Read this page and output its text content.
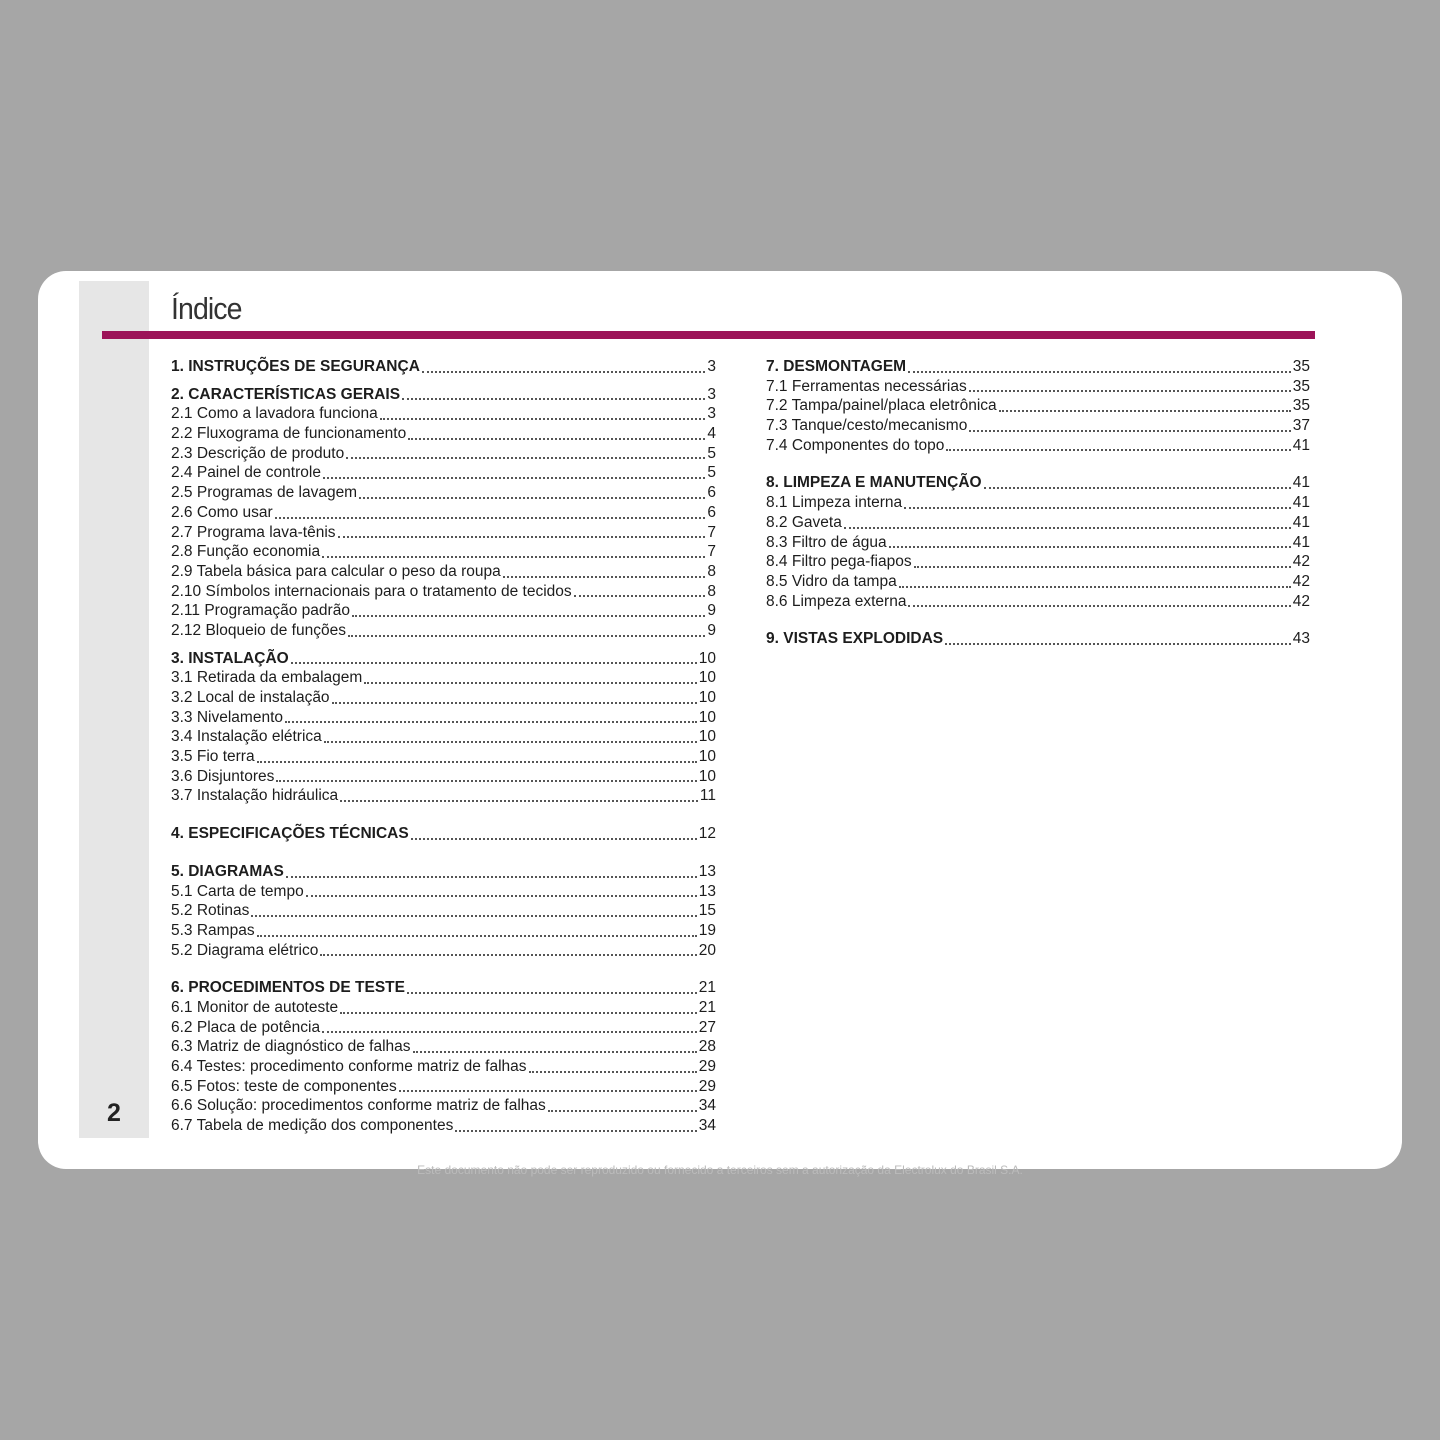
2
Índice
1. INSTRUÇÕES DE SEGURANÇA	3
2. CARACTERÍSTICAS GERAIS	3
2.1 Como a lavadora funciona	3
2.2 Fluxograma de funcionamento	4
2.3 Descrição de produto	5
2.4 Painel de controle	5
2.5 Programas de lavagem	6
2.6 Como usar	6
2.7 Programa lava-tênis	7
2.8 Função economia	7
2.9 Tabela básica para calcular o peso da roupa	8
2.10 Símbolos internacionais para o tratamento de tecidos	8
2.11 Programação padrão	9
2.12 Bloqueio de funções	9
3. INSTALAÇÃO	10
3.1 Retirada da embalagem	10
3.2 Local de instalação	10
3.3 Nivelamento	10
3.4 Instalação elétrica	10
3.5 Fio terra	10
3.6 Disjuntores	10
3.7 Instalação hidráulica	11
4. ESPECIFICAÇÕES TÉCNICAS	12
5. DIAGRAMAS	13
5.1 Carta de tempo	13
5.2 Rotinas	15
5.3 Rampas	19
5.2 Diagrama elétrico	20
6. PROCEDIMENTOS DE TESTE	21
6.1 Monitor de autoteste	21
6.2 Placa de potência	27
6.3 Matriz de diagnóstico de falhas	28
6.4 Testes: procedimento conforme matriz de falhas	29
6.5 Fotos: teste de componentes	29
6.6 Solução: procedimentos conforme matriz de falhas	34
6.7 Tabela de medição dos componentes	34
7. DESMONTAGEM	35
7.1 Ferramentas necessárias	35
7.2 Tampa/painel/placa eletrônica	35
7.3 Tanque/cesto/mecanismo	37
7.4 Componentes do topo	41
8. LIMPEZA E MANUTENÇÃO	41
8.1 Limpeza interna	41
8.2 Gaveta	41
8.3 Filtro de água	41
8.4 Filtro pega-fiapos	42
8.5 Vidro da tampa	42
8.6 Limpeza externa	42
9. VISTAS EXPLODIDAS	43
Este documento não pode ser reproduzido ou fornecido a terceiros sem a autorização da Electrolux do Brasil S.A.
